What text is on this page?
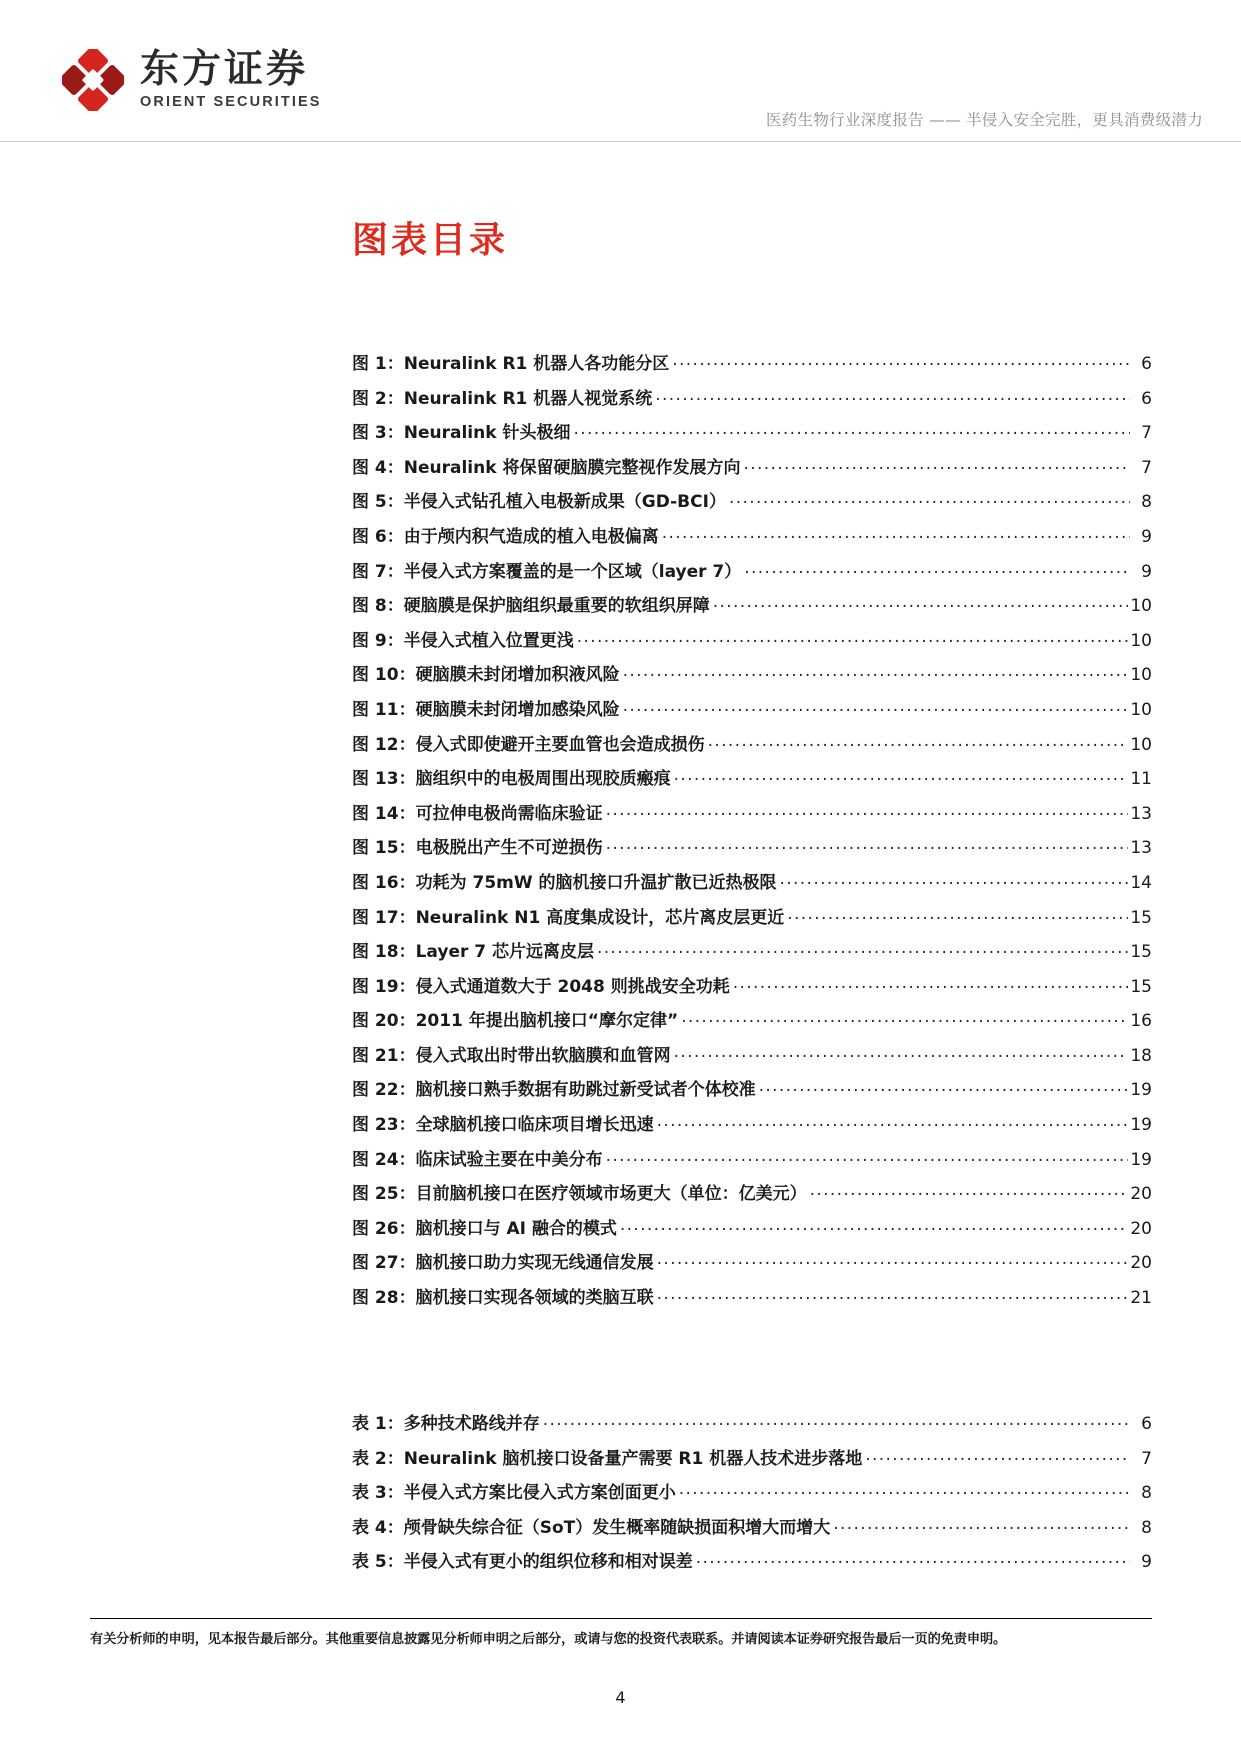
东方证券
ORIENT SECURITIES
医药生物行业深度报告 —— 半侵入安全完胜，更具消费级潜力
图表目录
图 1：Neuralink R1 机器人各功能分区 .....	6
图 2：Neuralink R1 机器人视觉系统 .....	6
图 3：Neuralink 针头极细 .....	7
图 4：Neuralink 将保留硬脑膜完整视作发展方向 .....	7
图 5：半侵入式钻孔植入电极新成果（GD-BCI） .....	8
图 6：由于颅内积气造成的植入电极偏离 .....	9
图 7：半侵入式方案覆盖的是一个区域（layer 7） .....	9
图 8：硬脑膜是保护脑组织最重要的软组织屏障 .....	10
图 9：半侵入式植入位置更浅 .....	10
图 10：硬脑膜未封闭增加积液风险 .....	10
图 11：硬脑膜未封闭增加感染风险 .....	10
图 12：侵入式即使避开主要血管也会造成损伤 .....	10
图 13：脑组织中的电极周围出现胶质瘢痕 .....	11
图 14：可拉伸电极尚需临床验证 .....	13
图 15：电极脱出产生不可逆损伤 .....	13
图 16：功耗为 75mW 的脑机接口升温扩散已近热极限 .....	14
图 17：Neuralink N1 高度集成设计，芯片离皮层更近 .....	15
图 18：Layer 7 芯片远离皮层 .....	15
图 19：侵入式通道数大于 2048 则挑战安全功耗 .....	15
图 20：2011 年提出脑机接口“摩尔定律” .....	16
图 21：侵入式取出时带出软脑膜和血管网 .....	18
图 22：脑机接口熟手数据有助跳过新受试者个体校准 .....	19
图 23：全球脑机接口临床项目增长迅速 .....	19
图 24：临床试验主要在中美分布 .....	19
图 25：目前脑机接口在医疗领域市场更大（单位：亿美元） .....	20
图 26：脑机接口与 AI 融合的模式 .....	20
图 27：脑机接口助力实现无线通信发展 .....	20
图 28：脑机接口实现各领域的类脑互联 .....	21
表 1：多种技术路线并存 .....	6
表 2：Neuralink 脑机接口设备量产需要 R1 机器人技术进步落地 .....	7
表 3：半侵入式方案比侵入式方案创面更小 .....	8
表 4：颅骨缺失综合征（SoT）发生概率随缺损面积增大而增大 .....	8
表 5：半侵入式有更小的组织位移和相对误差 .....	9
有关分析师的申明，见本报告最后部分。其他重要信息披露见分析师申明之后部分，或请与您的投资代表联系。并请阅读本证券研究报告最后一页的免责申明。
4
